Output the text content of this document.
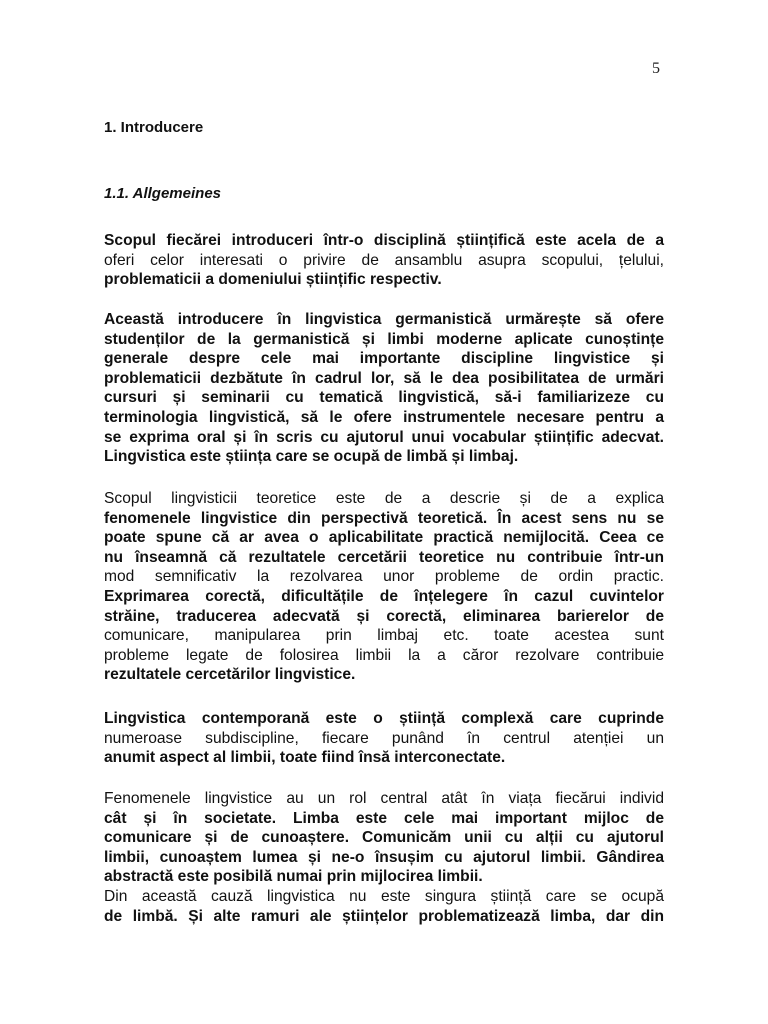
5
1. Introducere
1.1. Allgemeines
Scopul fiecărei introduceri într-o disciplină științifică este acela de a
oferi celor interesati o privire de ansamblu asupra scopului, țelului,
problematicii a domeniului științific respectiv.
Această introducere în lingvistica germanistică urmărește să ofere
studenților de la germanistică și limbi moderne aplicate cunoștințe
generale despre cele mai importante discipline lingvistice și
problematicii dezbătute în cadrul lor, să le dea posibilitatea de urmări
cursuri și seminarii cu tematică lingvistică, să-i familiarizeze cu
terminologia lingvistică, să le ofere instrumentele necesare pentru a
se exprima oral și în scris cu ajutorul unui vocabular științific adecvat.
Lingvistica este știința care se ocupă de limbă și limbaj.
Scopul lingvisticii teoretice este de a descrie și de a explica
fenomenele lingvistice din perspectivă teoretică. În acest sens nu se
poate spune că ar avea o aplicabilitate practică nemijlocită. Ceea ce
nu înseamnă că rezultatele cercetării teoretice nu contribuie într-un
mod semnificativ la rezolvarea unor probleme de ordin practic.
Exprimarea corectă, dificultățile de înțelegere în cazul cuvintelor
străine, traducerea adecvată și corectă, eliminarea barierelor de
comunicare, manipularea prin limbaj etc. toate acestea sunt
probleme legate de folosirea limbii la a căror rezolvare contribuie
rezultatele cercetărilor lingvistice.
Lingvistica contemporană este o știință complexă care cuprinde
numeroase subdiscipline, fiecare punând în centrul atenției un
anumit aspect al limbii, toate fiind însă interconectate.
Fenomenele lingvistice au un rol central atât în viața fiecărui individ
cât și în societate. Limba este cele mai important mijloc de
comunicare și de cunoaștere. Comunicăm unii cu alții cu ajutorul
limbii, cunoaștem lumea și ne-o însușim cu ajutorul limbii. Gândirea
abstractă este posibilă numai prin mijlocirea limbii.
Din această cauză lingvistica nu este singura știință care se ocupă
de limbă. Și alte ramuri ale științelor problematizează limba, dar din
